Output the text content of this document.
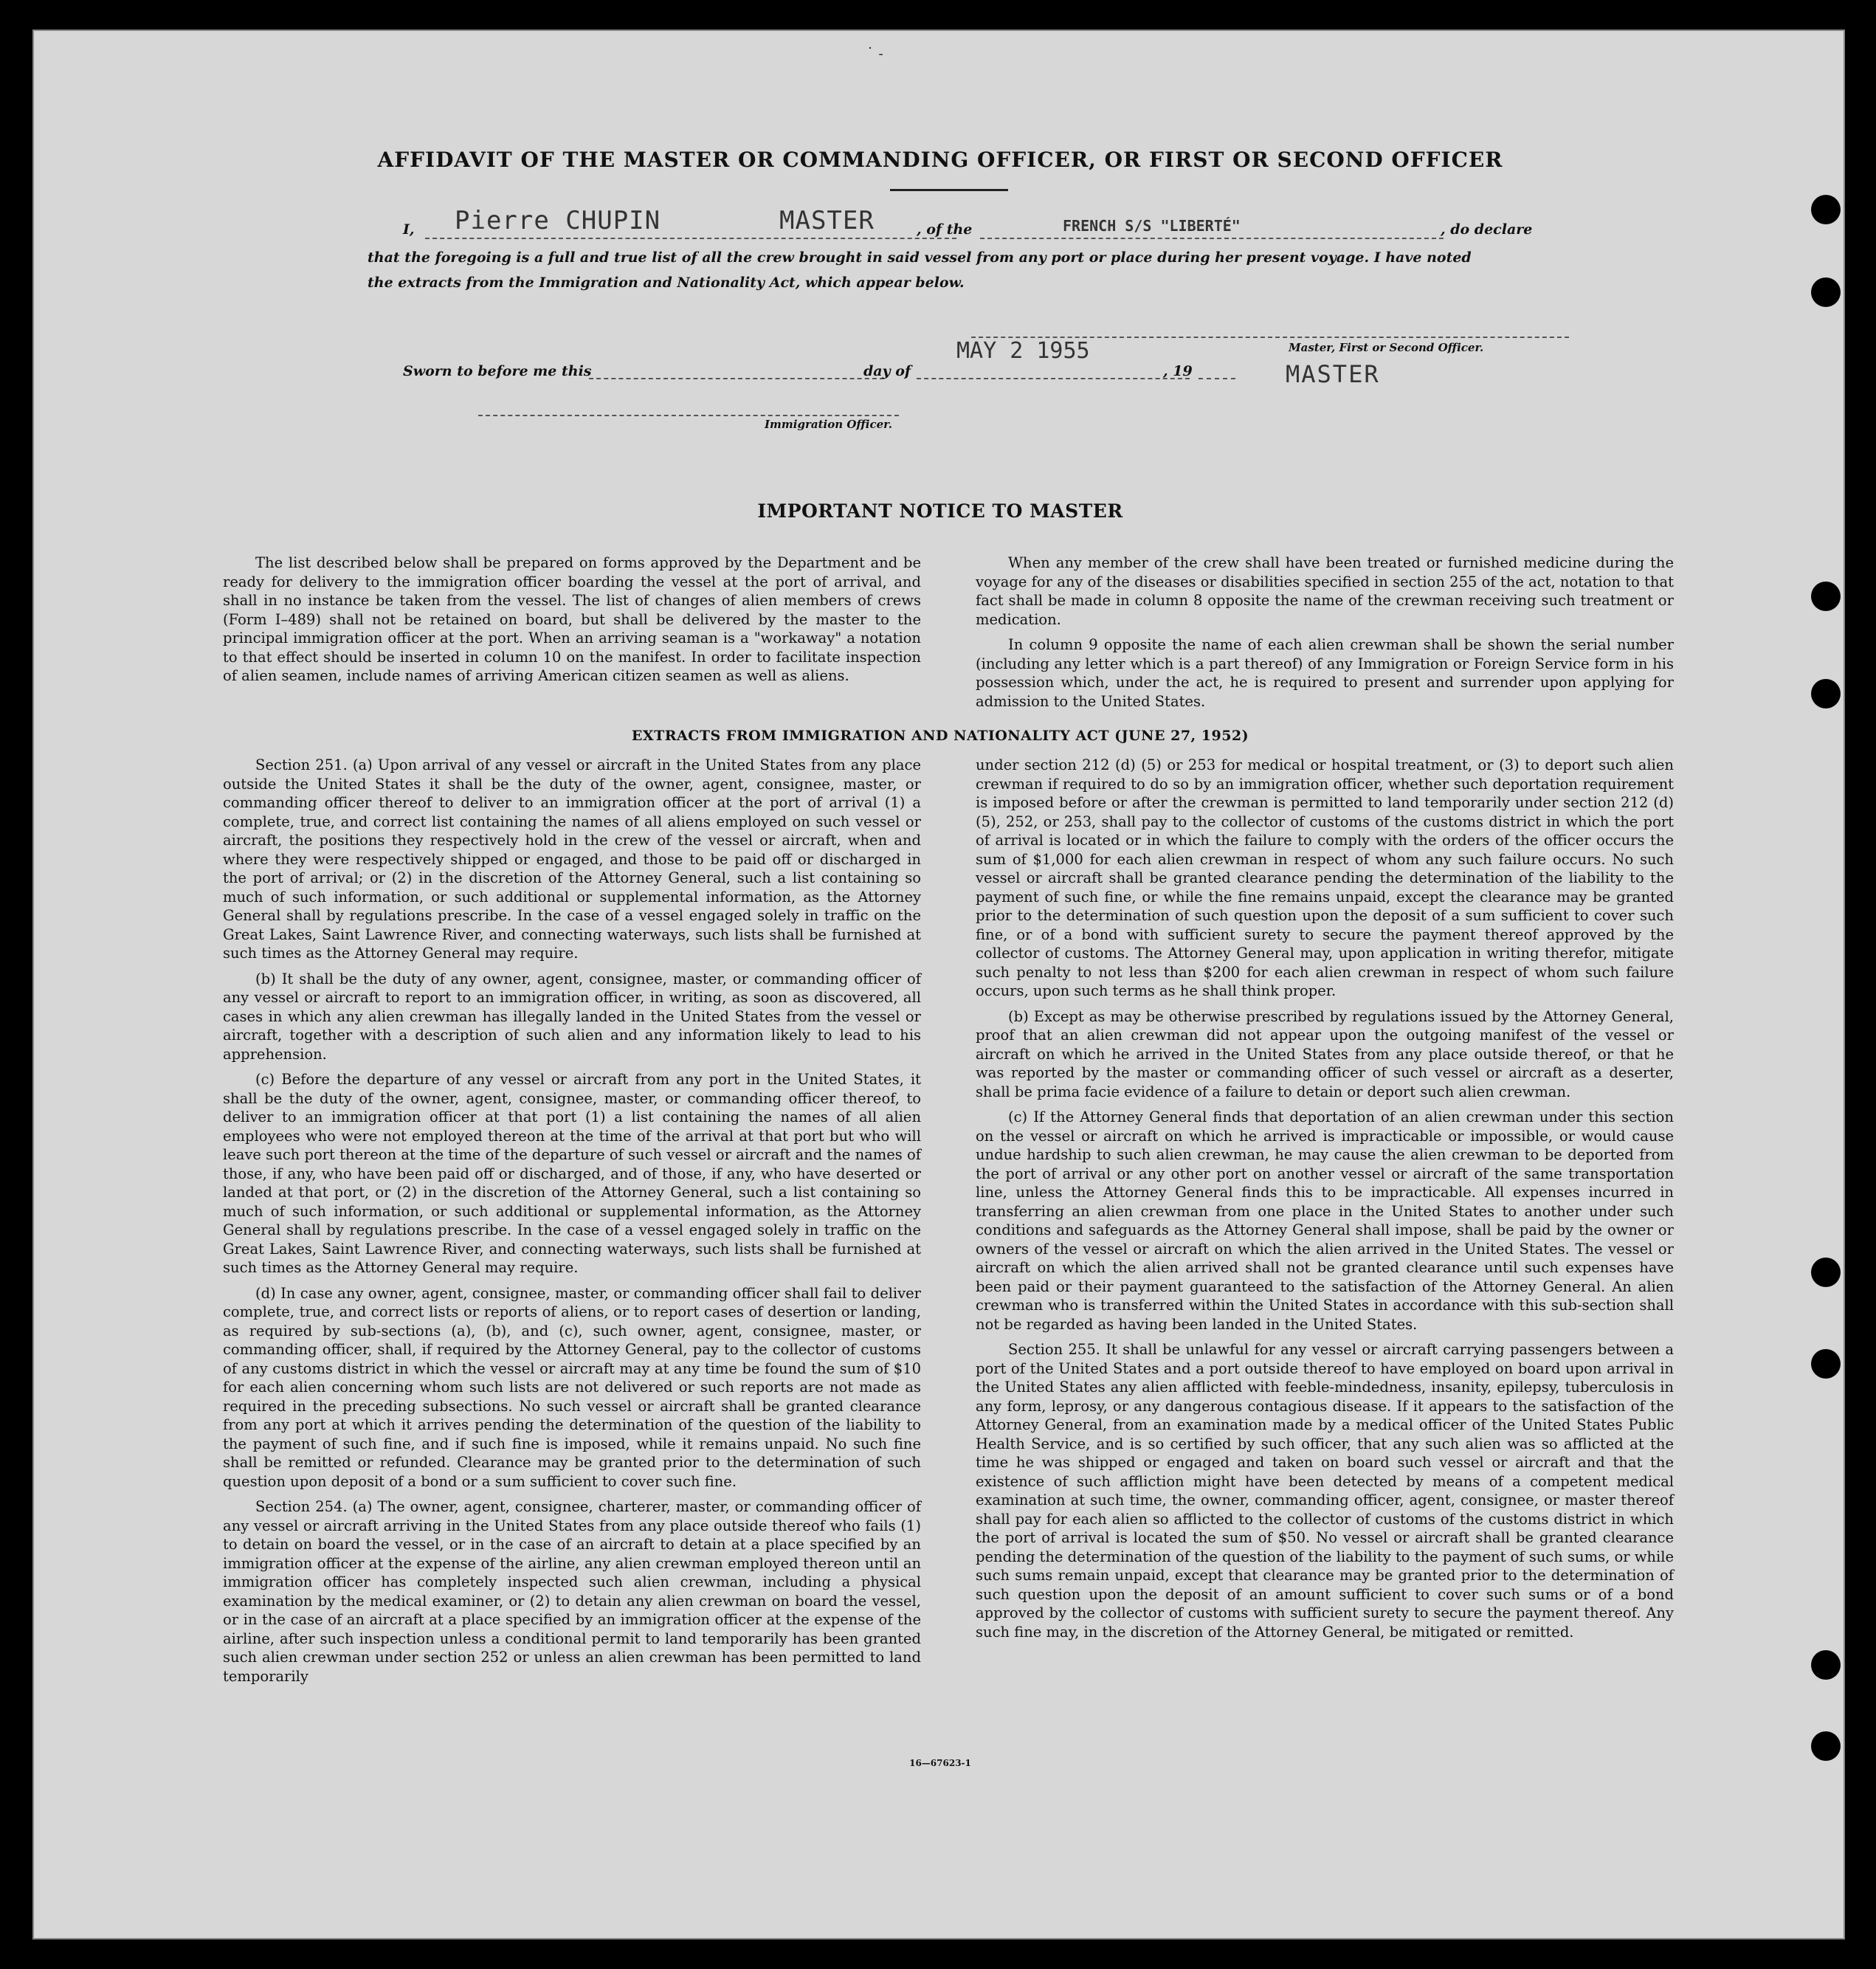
˙ ˗
AFFIDAVIT OF THE MASTER OR COMMANDING OFFICER, OR FIRST OR SECOND OFFICER
I, Pierre CHUPIN	MASTER	, of the	FRENCH S/S "LIBERTÉ"	, do declare
that the foregoing is a full and true list of all the crew brought in said vessel from any port or place during her present voyage. I have noted
the extracts from the Immigration and Nationality Act, which appear below.
Master, First or Second Officer.
Sworn to before me this	day of
MAY 2 1955
, 19	MASTER
Immigration Officer.
IMPORTANT NOTICE TO MASTER

The list described below shall be prepared on forms approved by the Department and be ready for delivery to the immigration officer boarding the vessel at the port of arrival, and shall in no instance be taken from the vessel. The list of changes of alien members of crews (Form I–489) shall not be retained on board, but shall be delivered by the master to the principal immigration officer at the port. When an arriving seaman is a "workaway" a notation to that effect should be inserted in column 10 on the manifest. In order to facilitate inspection of alien seamen, include names of arriving American citizen seamen as well as aliens.

When any member of the crew shall have been treated or furnished medicine during the voyage for any of the diseases or disabilities specified in section 255 of the act, notation to that fact shall be made in column 8 opposite the name of the crewman receiving such treatment or medication.

In column 9 opposite the name of each alien crewman shall be shown the serial number (including any letter which is a part thereof) of any Immigration or Foreign Service form in his possession which, under the act, he is required to present and surrender upon applying for admission to the United States.

EXTRACTS FROM IMMIGRATION AND NATIONALITY ACT (JUNE 27, 1952)

Section 251. (a) Upon arrival of any vessel or aircraft in the United States from any place outside the United States it shall be the duty of the owner, agent, consignee, master, or commanding officer thereof to deliver to an immigration officer at the port of arrival (1) a complete, true, and correct list containing the names of all aliens employed on such vessel or aircraft, the positions they respectively hold in the crew of the vessel or aircraft, when and where they were respectively shipped or engaged, and those to be paid off or discharged in the port of arrival; or (2) in the discretion of the Attorney General, such a list containing so much of such information, or such additional or supplemental information, as the Attorney General shall by regulations prescribe. In the case of a vessel engaged solely in traffic on the Great Lakes, Saint Lawrence River, and connecting waterways, such lists shall be furnished at such times as the Attorney General may require.

(b) It shall be the duty of any owner, agent, consignee, master, or commanding officer of any vessel or aircraft to report to an immigration officer, in writing, as soon as discovered, all cases in which any alien crewman has illegally landed in the United States from the vessel or aircraft, together with a description of such alien and any information likely to lead to his apprehension.

(c) Before the departure of any vessel or aircraft from any port in the United States, it shall be the duty of the owner, agent, consignee, master, or commanding officer thereof, to deliver to an immigration officer at that port (1) a list containing the names of all alien employees who were not employed thereon at the time of the arrival at that port but who will leave such port thereon at the time of the departure of such vessel or aircraft and the names of those, if any, who have been paid off or discharged, and of those, if any, who have deserted or landed at that port, or (2) in the discretion of the Attorney General, such a list containing so much of such information, or such additional or supplemental information, as the Attorney General shall by regulations prescribe. In the case of a vessel engaged solely in traffic on the Great Lakes, Saint Lawrence River, and connecting waterways, such lists shall be furnished at such times as the Attorney General may require.

(d) In case any owner, agent, consignee, master, or commanding officer shall fail to deliver complete, true, and correct lists or reports of aliens, or to report cases of desertion or landing, as required by sub-sections (a), (b), and (c), such owner, agent, consignee, master, or commanding officer, shall, if required by the Attorney General, pay to the collector of customs of any customs district in which the vessel or aircraft may at any time be found the sum of $10 for each alien concerning whom such lists are not delivered or such reports are not made as required in the preceding subsections. No such vessel or aircraft shall be granted clearance from any port at which it arrives pending the determination of the question of the liability to the payment of such fine, and if such fine is imposed, while it remains unpaid. No such fine shall be remitted or refunded. Clearance may be granted prior to the determination of such question upon deposit of a bond or a sum sufficient to cover such fine.

Section 254. (a) The owner, agent, consignee, charterer, master, or commanding officer of any vessel or aircraft arriving in the United States from any place outside thereof who fails (1) to detain on board the vessel, or in the case of an aircraft to detain at a place specified by an immigration officer at the expense of the airline, any alien crewman employed thereon until an immigration officer has completely inspected such alien crewman, including a physical examination by the medical examiner, or (2) to detain any alien crewman on board the vessel, or in the case of an aircraft at a place specified by an immigration officer at the expense of the airline, after such inspection unless a conditional permit to land temporarily has been granted such alien crewman under section 252 or unless an alien crewman has been permitted to land temporarily

under section 212 (d) (5) or 253 for medical or hospital treatment, or (3) to deport such alien crewman if required to do so by an immigration officer, whether such deportation requirement is imposed before or after the crewman is permitted to land temporarily under section 212 (d) (5), 252, or 253, shall pay to the collector of customs of the customs district in which the port of arrival is located or in which the failure to comply with the orders of the officer occurs the sum of $1,000 for each alien crewman in respect of whom any such failure occurs. No such vessel or aircraft shall be granted clearance pending the determination of the liability to the payment of such fine, or while the fine remains unpaid, except the clearance may be granted prior to the determination of such question upon the deposit of a sum sufficient to cover such fine, or of a bond with sufficient surety to secure the payment thereof approved by the collector of customs. The Attorney General may, upon application in writing therefor, mitigate such penalty to not less than $200 for each alien crewman in respect of whom such failure occurs, upon such terms as he shall think proper.

(b) Except as may be otherwise prescribed by regulations issued by the Attorney General, proof that an alien crewman did not appear upon the outgoing manifest of the vessel or aircraft on which he arrived in the United States from any place outside thereof, or that he was reported by the master or commanding officer of such vessel or aircraft as a deserter, shall be prima facie evidence of a failure to detain or deport such alien crewman.

(c) If the Attorney General finds that deportation of an alien crewman under this section on the vessel or aircraft on which he arrived is impracticable or impossible, or would cause undue hardship to such alien crewman, he may cause the alien crewman to be deported from the port of arrival or any other port on another vessel or aircraft of the same transportation line, unless the Attorney General finds this to be impracticable. All expenses incurred in transferring an alien crewman from one place in the United States to another under such conditions and safeguards as the Attorney General shall impose, shall be paid by the owner or owners of the vessel or aircraft on which the alien arrived in the United States. The vessel or aircraft on which the alien arrived shall not be granted clearance until such expenses have been paid or their payment guaranteed to the satisfaction of the Attorney General. An alien crewman who is transferred within the United States in accordance with this sub-section shall not be regarded as having been landed in the United States.

Section 255. It shall be unlawful for any vessel or aircraft carrying passengers between a port of the United States and a port outside thereof to have employed on board upon arrival in the United States any alien afflicted with feeble-mindedness, insanity, epilepsy, tuberculosis in any form, leprosy, or any dangerous contagious disease. If it appears to the satisfaction of the Attorney General, from an examination made by a medical officer of the United States Public Health Service, and is so certified by such officer, that any such alien was so afflicted at the time he was shipped or engaged and taken on board such vessel or aircraft and that the existence of such affliction might have been detected by means of a competent medical examination at such time, the owner, commanding officer, agent, consignee, or master thereof shall pay for each alien so afflicted to the collector of customs of the customs district in which the port of arrival is located the sum of $50. No vessel or aircraft shall be granted clearance pending the determination of the question of the liability to the payment of such sums, or while such sums remain unpaid, except that clearance may be granted prior to the determination of such question upon the deposit of an amount sufficient to cover such sums or of a bond approved by the collector of customs with sufficient surety to secure the payment thereof. Any such fine may, in the discretion of the Attorney General, be mitigated or remitted.

16—67623-1
